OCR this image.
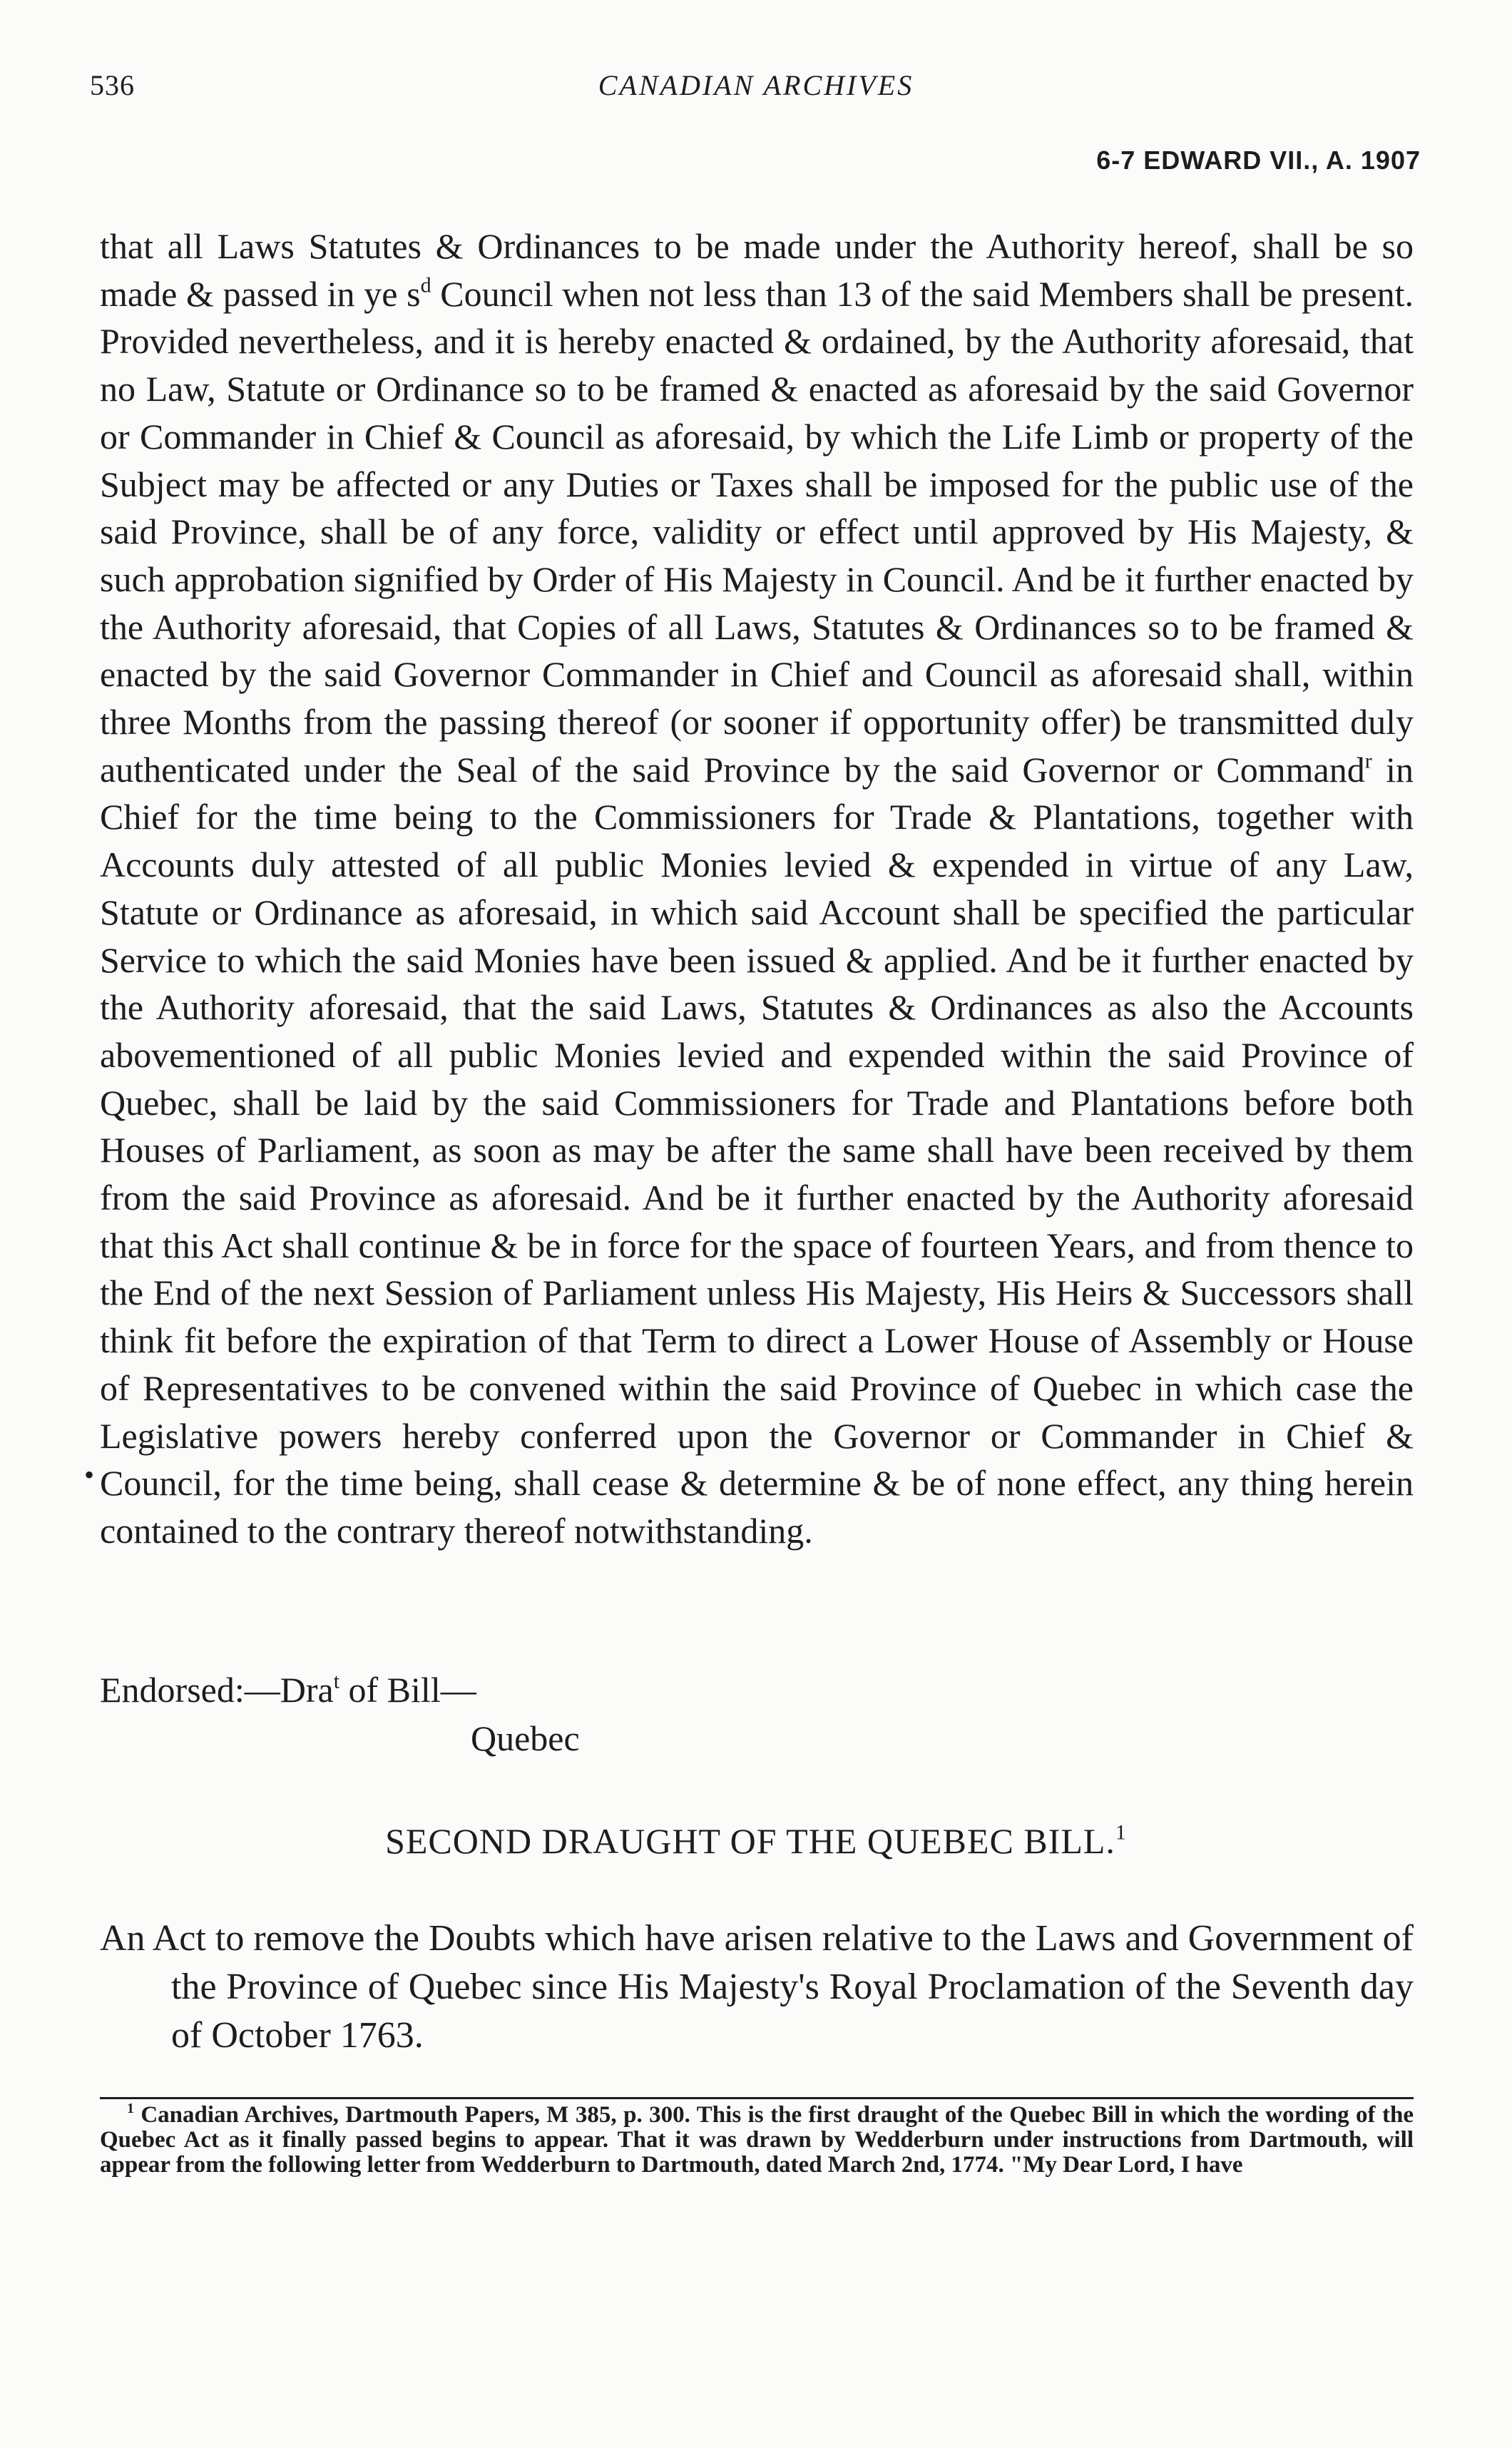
536	CANADIAN ARCHIVES
6-7 EDWARD VII., A. 1907

that all Laws Statutes & Ordinances to be made under the Authority hereof, shall be so made & passed in ye $s^d$ Council when not less than 13 of the said Members shall be present. Provided nevertheless, and it is hereby enacted & ordained, by the Authority aforesaid, that no Law, Statute or Ordinance so to be framed & enacted as aforesaid by the said Governor or Commander in Chief & Council as aforesaid, by which the Life Limb or property of the Subject may be affected or any Duties or Taxes shall be imposed for the public use of the said Province, shall be of any force, validity or effect until approved by His Majesty, & such approbation signified by Order of His Majesty in Council. And be it further enacted by the Authority aforesaid, that Copies of all Laws, Statutes & Ordinances so to be framed & enacted by the said Governor Commander in Chief and Council as aforesaid shall, within three Months from the passing thereof (or sooner if opportunity offer) be transmitted duly authenticated under the Seal of the said Province by the said Governor or Command$^r$ in Chief for the time being to the Commissioners for Trade & Plantations, together with Accounts duly attested of all public Monies levied & expended in virtue of any Law, Statute or Ordinance as aforesaid, in which said Account shall be specified the particular Service to which the said Monies have been issued & applied. And be it further enacted by the Authority aforesaid, that the said Laws, Statutes & Ordinances as also the Accounts abovementioned of all public Monies levied and expended within the said Province of Quebec, shall be laid by the said Commissioners for Trade and Plantations before both Houses of Parliament, as soon as may be after the same shall have been received by them from the said Province as aforesaid. And be it further enacted by the Authority aforesaid that this Act shall continue & be in force for the space of fourteen Years, and from thence to the End of the next Session of Parliament unless His Majesty, His Heirs & Successors shall think fit before the expiration of that Term to direct a Lower House of Assembly or House of Representatives to be convened within the said Province of Quebec in which case the Legislative powers hereby conferred upon the Governor or Commander in Chief & Council, for the time being, shall cease & determine & be of none effect, any thing herein contained to the contrary thereof notwithstanding.

•
Endorsed:—Dra$^t$ of Bill—
Quebec
SECOND DRAUGHT OF THE QUEBEC BILL.$^1$

An Act to remove the Doubts which have arisen relative to the Laws and Government of the Province of Quebec since His Majesty's Royal Proclamation of the Seventh day of October 1763.

$^1$ Canadian Archives, Dartmouth Papers, M 385, p. 300. This is the first draught of the Quebec Bill in which the wording of the Quebec Act as it finally passed begins to appear. That it was drawn by Wedderburn under instructions from Dartmouth, will appear from the following letter from Wedderburn to Dartmouth, dated March 2nd, 1774. "My Dear Lord, I have
